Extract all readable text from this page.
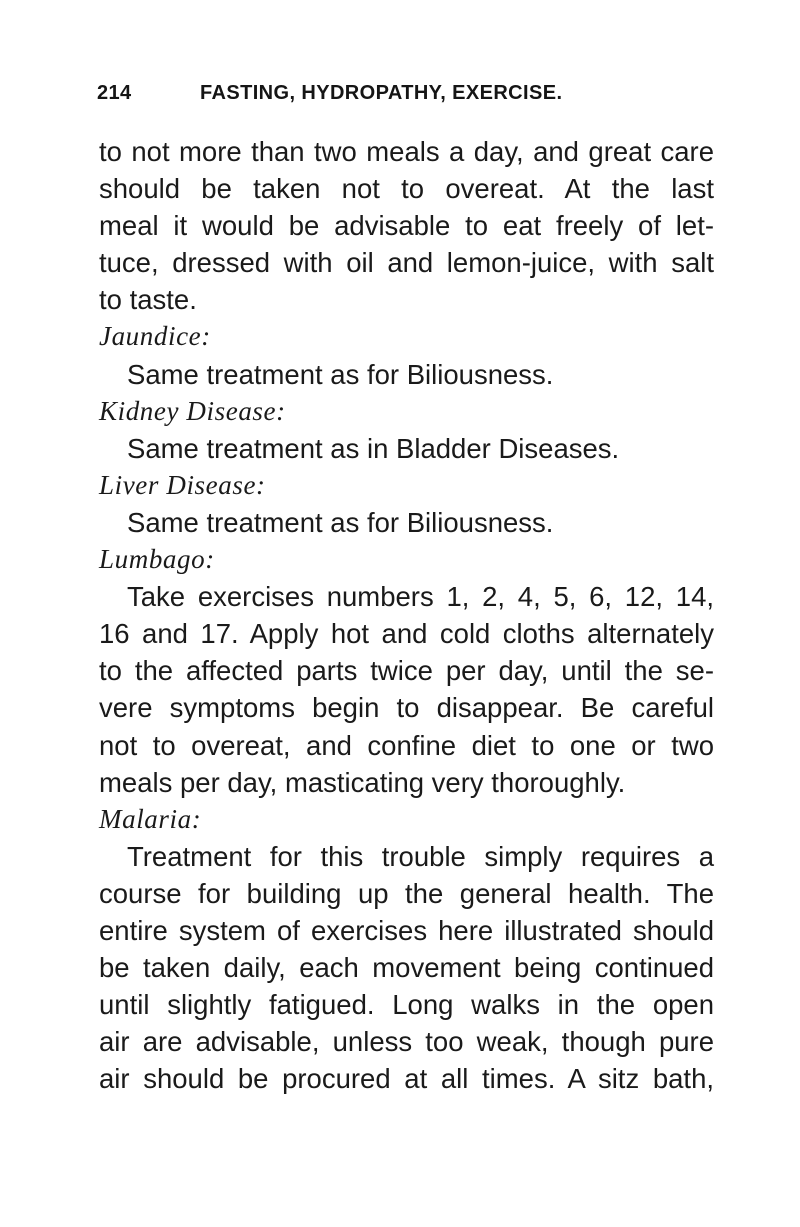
214	FASTING, HYDROPATHY, EXERCISE.
to not more than two meals a day, and great care
should be taken not to overeat. At the last
meal it would be advisable to eat freely of let-
tuce, dressed with oil and lemon-juice, with salt
to taste.
Jaundice:
Same treatment as for Biliousness.
Kidney Disease:
Same treatment as in Bladder Diseases.
Liver Disease:
Same treatment as for Biliousness.
Lumbago:
Take exercises numbers 1, 2, 4, 5, 6, 12, 14,
16 and 17. Apply hot and cold cloths alternately
to the affected parts twice per day, until the se-
vere symptoms begin to disappear. Be careful
not to overeat, and confine diet to one or two
meals per day, masticating very thoroughly.
Malaria:
Treatment for this trouble simply requires a
course for building up the general health. The
entire system of exercises here illustrated should
be taken daily, each movement being continued
until slightly fatigued. Long walks in the open
air are advisable, unless too weak, though pure
air should be procured at all times. A sitz bath,
